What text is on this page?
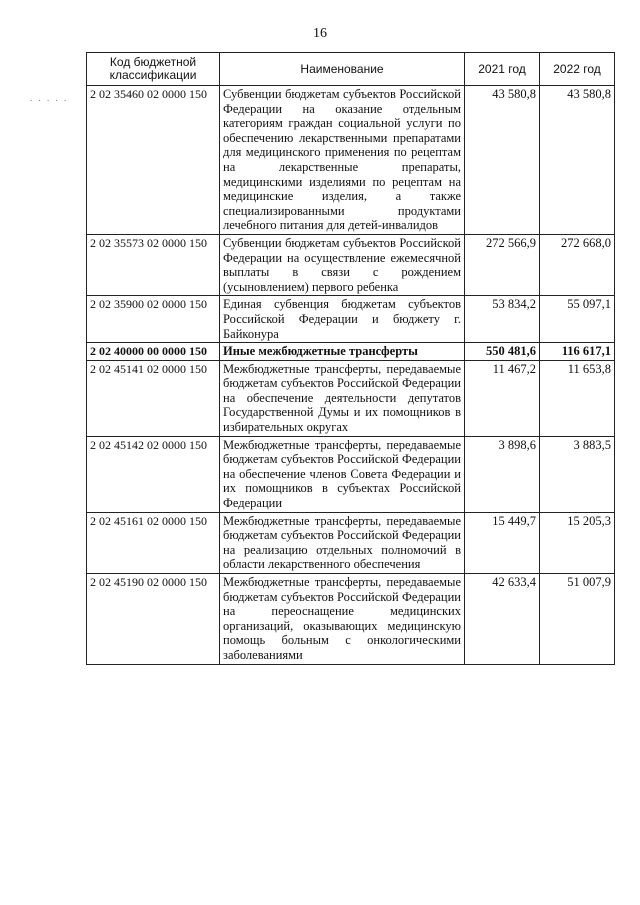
16
. . . . .
Код бюджетной классификации	Наименование	2021 год	2022 год
2 02 35460 02 0000 150	Субвенции бюджетам субъектов Российской Федерации на оказание отдельным категориям граждан социальной услуги по обеспечению лекарственными препаратами для медицинского применения по рецептам на лекарственные препараты, медицинскими изделиями по рецептам на медицинские изделия, а также специализированными продуктами лечебного питания для детей-инвалидов	43 580,8	43 580,8
2 02 35573 02 0000 150	Субвенции бюджетам субъектов Российской Федерации на осуществление ежемесячной выплаты в связи с рождением (усыновлением) первого ребенка	272 566,9	272 668,0
2 02 35900 02 0000 150	Единая субвенция бюджетам субъектов Российской Федерации и бюджету г. Байконура	53 834,2	55 097,1
2 02 40000 00 0000 150	Иные межбюджетные трансферты	550 481,6	116 617,1
2 02 45141 02 0000 150	Межбюджетные трансферты, передаваемые бюджетам субъектов Российской Федерации на обеспечение деятельности депутатов Государственной Думы и их помощников в избирательных округах	11 467,2	11 653,8
2 02 45142 02 0000 150	Межбюджетные трансферты, передаваемые бюджетам субъектов Российской Федерации на обеспечение членов Совета Федерации и их помощников в субъектах Российской Федерации	3 898,6	3 883,5
2 02 45161 02 0000 150	Межбюджетные трансферты, передаваемые бюджетам субъектов Российской Федерации на реализацию отдельных полномочий в области лекарственного обеспечения	15 449,7	15 205,3
2 02 45190 02 0000 150	Межбюджетные трансферты, передаваемые бюджетам субъектов Российской Федерации на переоснащение медицинских организаций, оказывающих медицинскую помощь больным с онкологическими заболеваниями	42 633,4	51 007,9
